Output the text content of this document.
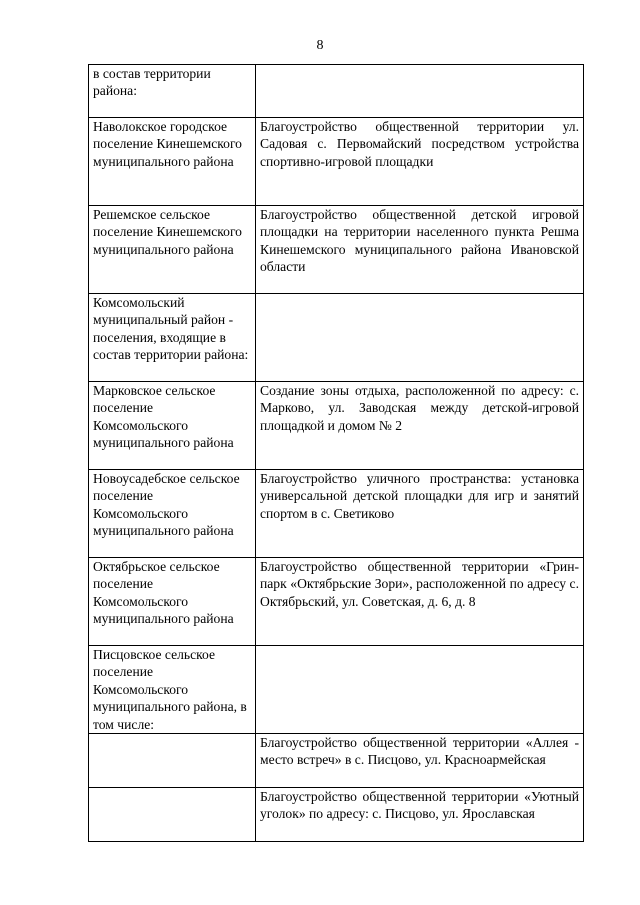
8
в состав территории района:	
Наволокское городское поселение Кинешемского муниципального района	Благоустройство общественной территории ул. Садовая с. Первомайский посредством устройства спортивно-игровой площадки
Решемское сельское поселение Кинешемского муниципального района	Благоустройство общественной детской игровой площадки на территории населенного пункта Решма Кинешемского муниципального района Ивановской области
Комсомольский муниципальный район - поселения, входящие в состав территории района:	
Марковское сельское поселение Комсомольского муниципального района	Создание зоны отдыха, расположенной по адресу: с. Марково, ул. Заводская между детской-игровой площадкой и домом № 2
Новоусадебское сельское поселение Комсомольского муниципального района	Благоустройство уличного пространства: установка универсальной детской площадки для игр и занятий спортом в с. Светиково
Октябрьское сельское поселение Комсомольского муниципального района	Благоустройство общественной территории «Грин-парк «Октябрьские Зори», расположенной по адресу с. Октябрьский, ул. Советская, д. 6, д. 8
Писцовское сельское поселение Комсомольского муниципального района, в том числе:	
	Благоустройство общественной территории «Аллея - место встреч» в с. Писцово, ул. Красноармейская
	Благоустройство общественной территории «Уютный уголок» по адресу: с. Писцово, ул. Ярославская
